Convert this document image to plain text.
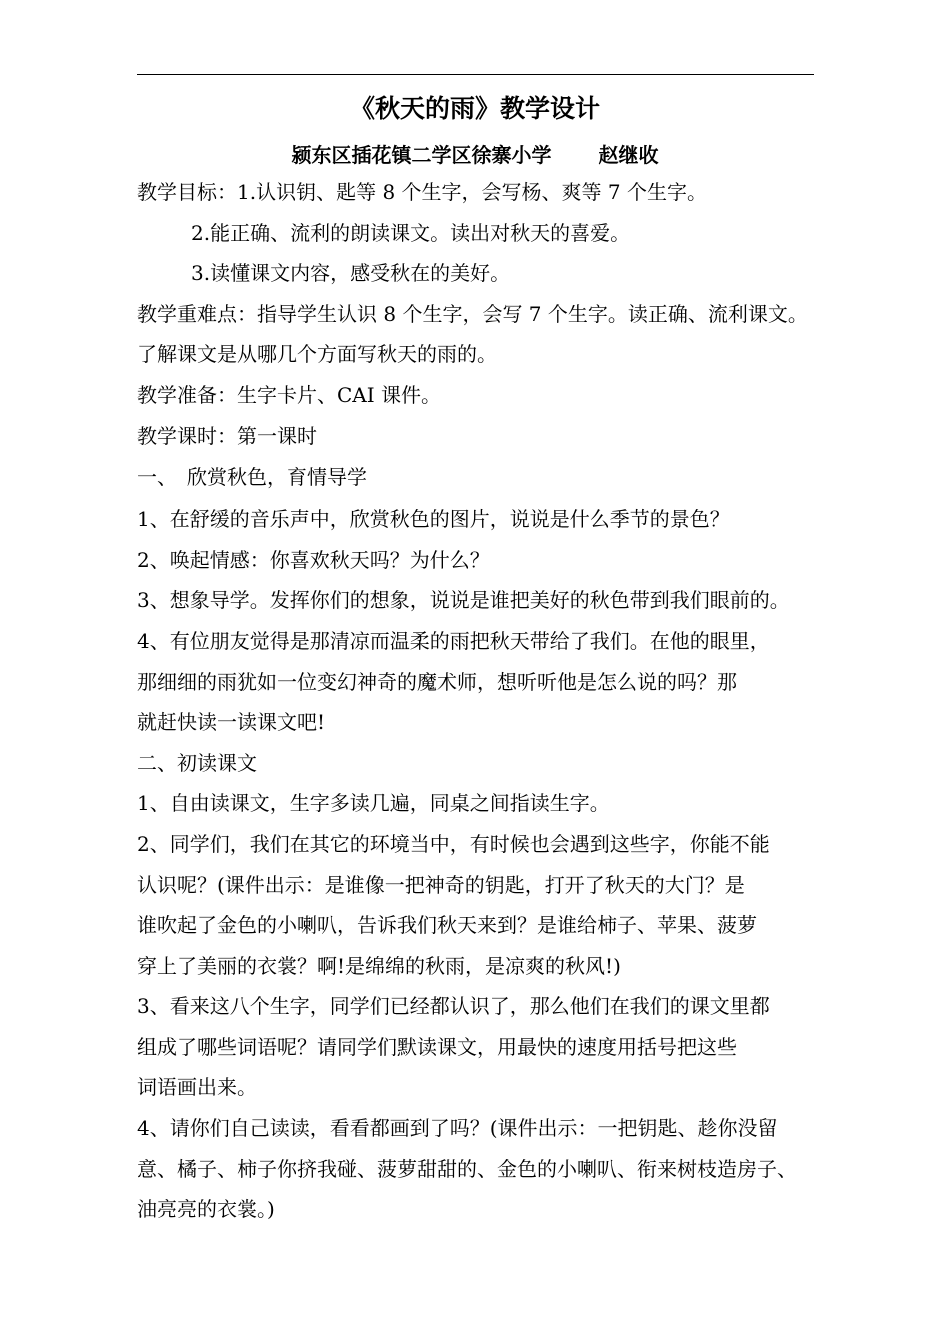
《秋天的雨》教学设计
颍东区插花镇二学区徐寨小学　　 赵继收
教学目标：1.认识钥、匙等 8 个生字，会写杨、爽等 7 个生字。
2.能正确、流利的朗读课文。读出对秋天的喜爱。
3.读懂课文内容，感受秋在的美好。
教学重难点：指导学生认识 8 个生字，会写 7 个生字。读正确、流利课文。
了解课文是从哪几个方面写秋天的雨的。
教学准备：生字卡片、CAI 课件。
教学课时：第一课时
一、　欣赏秋色，育情导学
1、在舒缓的音乐声中，欣赏秋色的图片，说说是什么季节的景色？
2、唤起情感：你喜欢秋天吗？为什么？
3、想象导学。发挥你们的想象，说说是谁把美好的秋色带到我们眼前的。
4、有位朋友觉得是那清凉而温柔的雨把秋天带给了我们。在他的眼里，
那细细的雨犹如一位变幻神奇的魔术师，想听听他是怎么说的吗？那
就赶快读一读课文吧!
二、初读课文
1、自由读课文，生字多读几遍，同桌之间指读生字。
2、同学们，我们在其它的环境当中，有时候也会遇到这些字，你能不能
认识呢？(课件出示：是谁像一把神奇的钥匙，打开了秋天的大门？是
谁吹起了金色的小喇叭，告诉我们秋天来到？是谁给柿子、苹果、菠萝
穿上了美丽的衣裳？啊!是绵绵的秋雨，是凉爽的秋风!)
3、看来这八个生字，同学们已经都认识了，那么他们在我们的课文里都
组成了哪些词语呢？请同学们默读课文，用最快的速度用括号把这些
词语画出来。
4、请你们自己读读，看看都画到了吗？(课件出示：一把钥匙、趁你没留
意、橘子、柿子你挤我碰、菠萝甜甜的、金色的小喇叭、衔来树枝造房子、
油亮亮的衣裳。)
